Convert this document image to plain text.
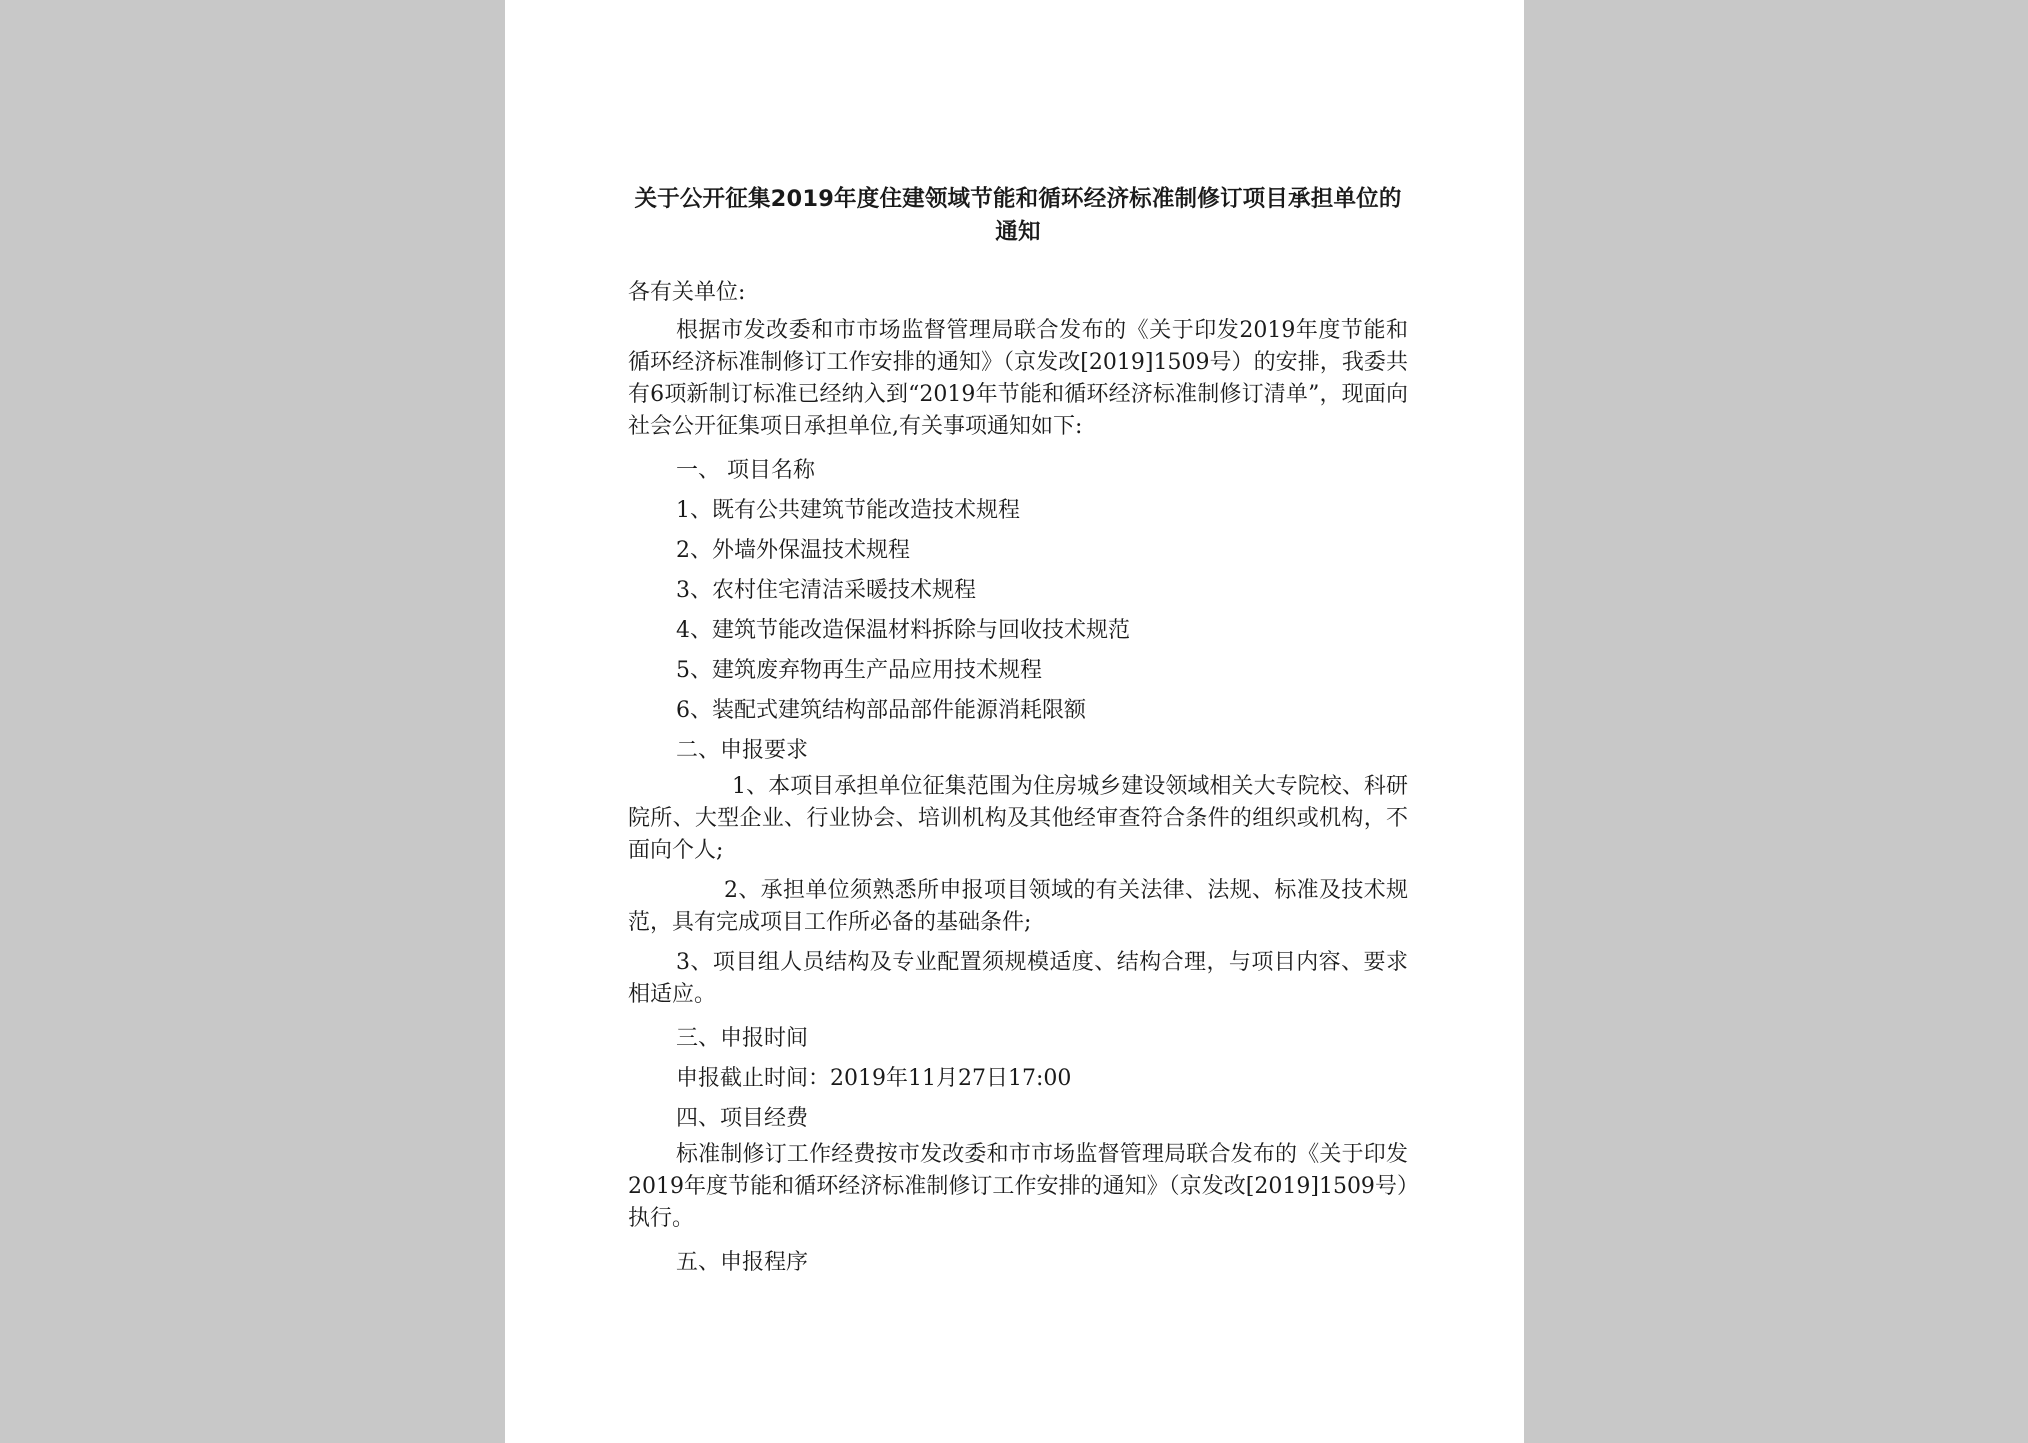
关于公开征集2019年度住建领域节能和循环经济标准制修订项目承担单位的通知

各有关单位:

根据市发改委和市市场监督管理局联合发布的《关于印发2019年度节能和循环经济标准制修订工作安排的通知》（京发改[2019]1509号）的安排，我委共有6项新制订标准已经纳入到“2019年节能和循环经济标准制修订清单”，现面向社会公开征集项日承担单位,有关事项通知如下:

一、 项目名称

1、既有公共建筑节能改造技术规程

2、外墙外保温技术规程

3、农村住宅清洁采暖技术规程

4、建筑节能改造保温材料拆除与回收技术规范

5、建筑废弃物再生产品应用技术规程

6、装配式建筑结构部品部件能源消耗限额

二、申报要求

1、本项目承担单位征集范围为住房城乡建设领域相关大专院校、科研院所、大型企业、行业协会、培训机构及其他经审查符合条件的组织或机构，不面向个人;

2、承担单位须熟悉所申报项目领域的有关法律、法规、标准及技术规范，具有完成项目工作所必备的基础条件;

3、项目组人员结构及专业配置须规模适度、结构合理，与项目内容、要求相适应。

三、申报时间

申报截止时间：2019年11月27日17:00

四、项目经费

标准制修订工作经费按市发改委和市市场监督管理局联合发布的《关于印发2019年度节能和循环经济标准制修订工作安排的通知》（京发改[2019]1509号）执行。

五、申报程序
